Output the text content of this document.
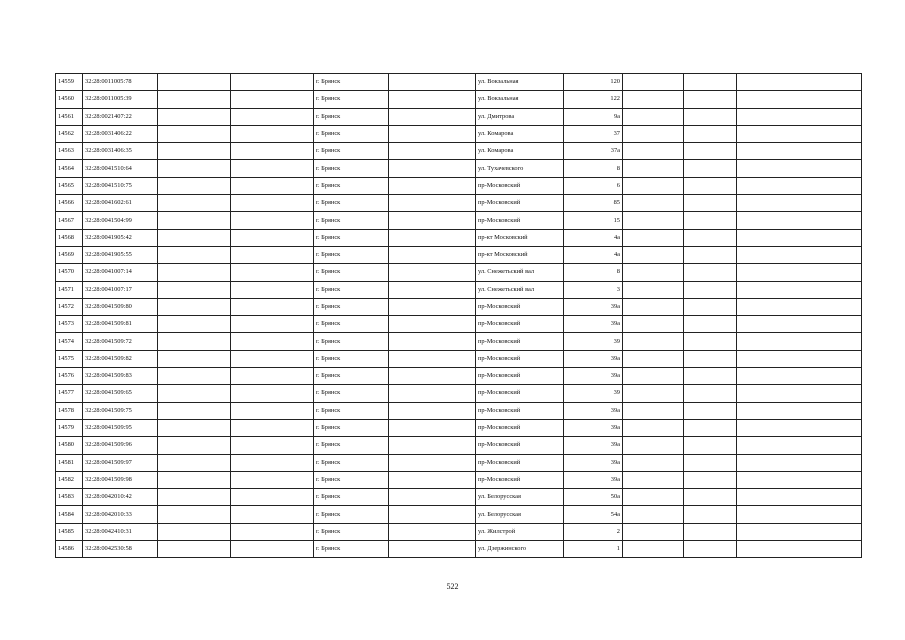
14559	32:28:0011005:78			г. Брянск		ул. Вокзальная	120			
14560	32:28:0011005:39			г. Брянск		ул. Вокзальная	122			
14561	32:28:0021407:22			г. Брянск		ул. Дмитрова	9а			
14562	32:28:0031406:22			г. Брянск		ул. Комарова	37			
14563	32:28:0031406:35			г. Брянск		ул. Комарова	37а			
14564	32:28:0041510:64			г. Брянск		ул. Тухачевского	8			
14565	32:28:0041510:75			г. Брянск		пр-Московский	6			
14566	32:28:0041602:61			г. Брянск		пр-Московский	85			
14567	32:28:0041504:99			г. Брянск		пр-Московский	15			
14568	32:28:0041905:42			г. Брянск		пр-кт Московский	4а			
14569	32:28:0041905:55			г. Брянск		пр-кт Московский	4а			
14570	32:28:0041007:14			г. Брянск		ул. Снежетьский вал	8			
14571	32:28:0041007:17			г. Брянск		ул. Снежетьский вал	3			
14572	32:28:0041509:80			г. Брянск		пр-Московский	39а			
14573	32:28:0041509:81			г. Брянск		пр-Московский	39а			
14574	32:28:0041509:72			г. Брянск		пр-Московский	39			
14575	32:28:0041509:82			г. Брянск		пр-Московский	39а			
14576	32:28:0041509:83			г. Брянск		пр-Московский	39а			
14577	32:28:0041509:65			г. Брянск		пр-Московский	39			
14578	32:28:0041509:75			г. Брянск		пр-Московский	39а			
14579	32:28:0041509:95			г. Брянск		пр-Московский	39а			
14580	32:28:0041509:96			г. Брянск		пр-Московский	39а			
14581	32:28:0041509:97			г. Брянск		пр-Московский	39а			
14582	32:28:0041509:98			г. Брянск		пр-Московский	39а			
14583	32:28:0042010:42			г. Брянск		ул. Белорусская	50а			
14584	32:28:0042010:33			г. Брянск		ул. Белорусская	54а			
14585	32:28:0042410:31			г. Брянск		ул. Жилстрой	2			
14586	32:28:0042530:58			г. Брянск		ул. Дзержинского	1			
522
